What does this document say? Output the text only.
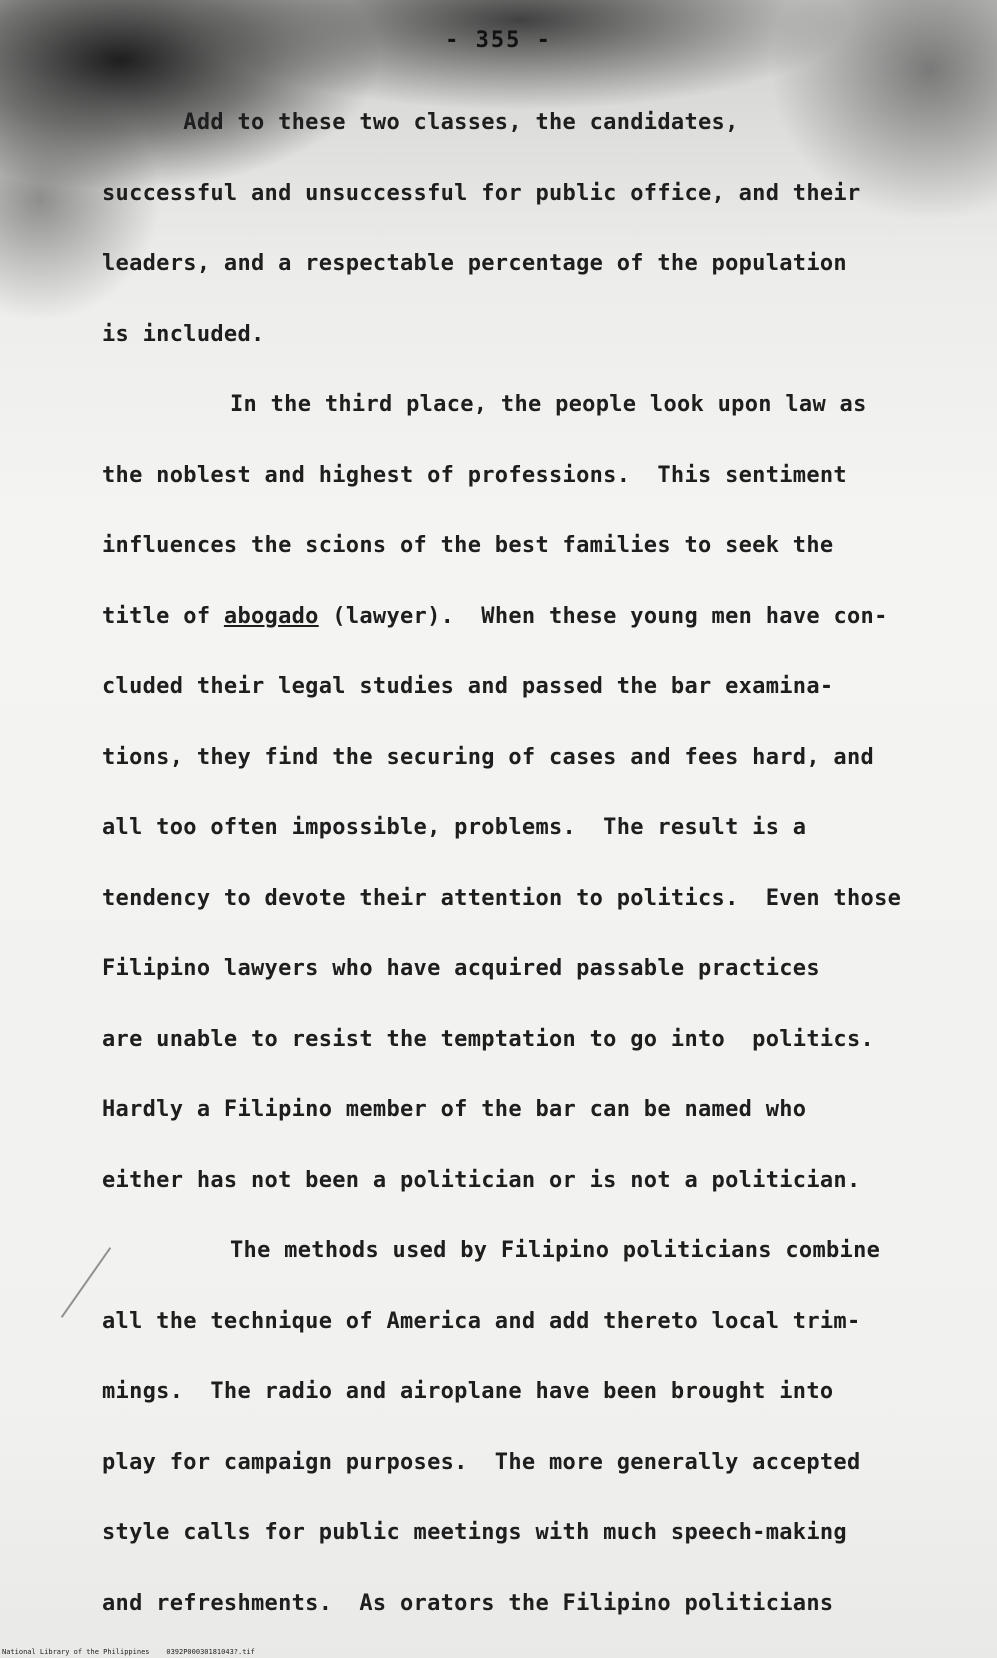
- 355 -
Add to these two classes, the candidates,
successful and unsuccessful for public office, and their
leaders, and a respectable percentage of the population
is included.
In the third place, the people look upon law as
the noblest and highest of professions.  This sentiment
influences the scions of the best families to seek the
title of abogado (lawyer).  When these young men have con-
cluded their legal studies and passed the bar examina-
tions, they find the securing of cases and fees hard, and
all too often impossible, problems.  The result is a
tendency to devote their attention to politics.  Even those
Filipino lawyers who have acquired passable practices
are unable to resist the temptation to go into  politics.
Hardly a Filipino member of the bar can be named who
either has not been a politician or is not a politician.
The methods used by Filipino politicians combine
all the technique of America and add thereto local trim-
mings.  The radio and airoplane have been brought into
play for campaign purposes.  The more generally accepted
style calls for public meetings with much speech-making
and refreshments.  As orators the Filipino politicians
National Library of the Philippines    0392P00030181043?.tif
